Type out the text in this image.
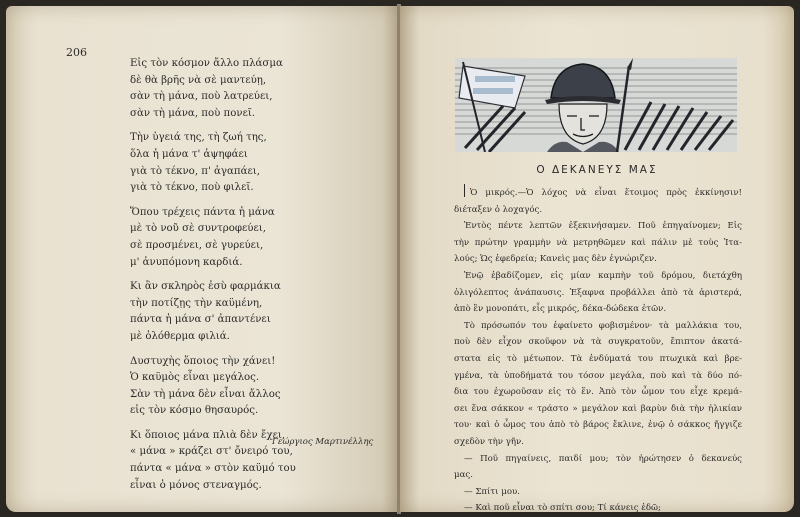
206
Εἰς τὸν κόσμον ἄλλο πλάσμα
δὲ θὰ βρῆς νὰ σὲ μαντεύῃ,
σὰν τὴ μάνα, ποὺ λατρεύει,
σὰν τὴ μάνα, ποὺ πονεῖ.
Τὴν ὑγειά της, τὴ ζωή της,
ὅλα ἡ μάνα τ' ἀψηφάει
γιὰ τὸ τέκνο, π' ἀγαπάει,
γιὰ τὸ τέκνο, ποὺ φιλεῖ.
Ὅπου τρέχεις πάντα ἡ μάνα
μὲ τὸ νοῦ σὲ συντροφεύει,
σὲ προσμένει, σὲ γυρεύει,
μ' ἀνυπόμονη καρδιά.
Κι ἂν σκληρὸς ἐσὺ φαρμάκια
τὴν ποτίζῃς τὴν καϋμένη,
πάντα ἡ μάνα σ' ἀπαντένει
μὲ ὁλόθερμα φιλιά.
Δυστυχὴς ὅποιος τὴν χάνει!
Ὁ καϋμὸς εἶναι μεγάλος.
Σὰν τὴ μάνα δὲν εἶναι ἄλλος
εἰς τὸν κόσμο θησαυρός.
Κι ὅποιος μάνα πλιὰ δὲν ἔχει,
« μάνα » κράζει στ' ὄνειρό του,
πάντα « μάνα » στὸν καϋμό του
εἶναι ὁ μόνος στεναγμός.
Γεώργιος Μαρτινέλλης
Ο ΔΕΚΑΝΕΥΣ ΜΑΣ
Ὁ μικρός.—Ὁ λόχος νὰ εἶναι ἕτοιμος πρὸς ἐκκίνησιν!
διέταξεν ὁ λοχαγός.
Ἐντὸς πέντε λεπτῶν ἐξεκινήσαμεν. Ποῦ ἐπηγαίνομεν; Εἰς
τὴν πρώτην γραμμὴν νὰ μετρηθῶμεν καὶ πάλιν μὲ τοὺς Ἰτα-
λούς; Ὡς ἐφεδρεία; Κανεὶς μας δὲν ἐγνώριζεν.
Ἐνῷ ἐβαδίζομεν, εἰς μίαν καμπὴν τοῦ δρόμου, διετάχθη
ὀλιγόλεπτος ἀνάπαυσις. Ἐξαφνα προβάλλει ἀπὸ τὰ ἀριστερά,
ἀπὸ ἓν μονοπάτι, εἷς μικρός, δέκα-δώδεκα ἐτῶν.
Τὸ πρόσωπόν του ἐφαίνετο φοβισμένον· τὰ μαλλάκια του,
ποὺ δὲν εἶχον σκοῦφον νὰ τὰ συγκρατοῦν, ἔπιπτον ἀκατά-
στατα εἰς τὸ μέτωπον. Τὰ ἐνδύματά του πτωχικὰ καὶ βρε-
γμένα, τὰ ὑποδήματά του τόσον μεγάλα, ποὺ καὶ τὰ δύο πό-
δια του ἐχωροῦσαν εἰς τὸ ἕν. Ἀπὸ τὸν ὦμον του εἶχε κρεμά-
σει ἕνα σάκκον « τράστο » μεγάλον καὶ βαρὺν διὰ τὴν ἡλικίαν
του· καὶ ὁ ὦμος του ἀπὸ τὸ βάρος ἔκλινε, ἐνῷ ὁ σάκκος ἤγγιζε
σχεδὸν τὴν γῆν.
— Ποῦ πηγαίνεις, παιδί μου; τὸν ἠρώτησεν ὁ δεκανεύς
μας.
— Σπίτι μου.
— Καὶ ποῦ εἶναι τὸ σπίτι σου; Τί κάνεις ἐδῶ;
